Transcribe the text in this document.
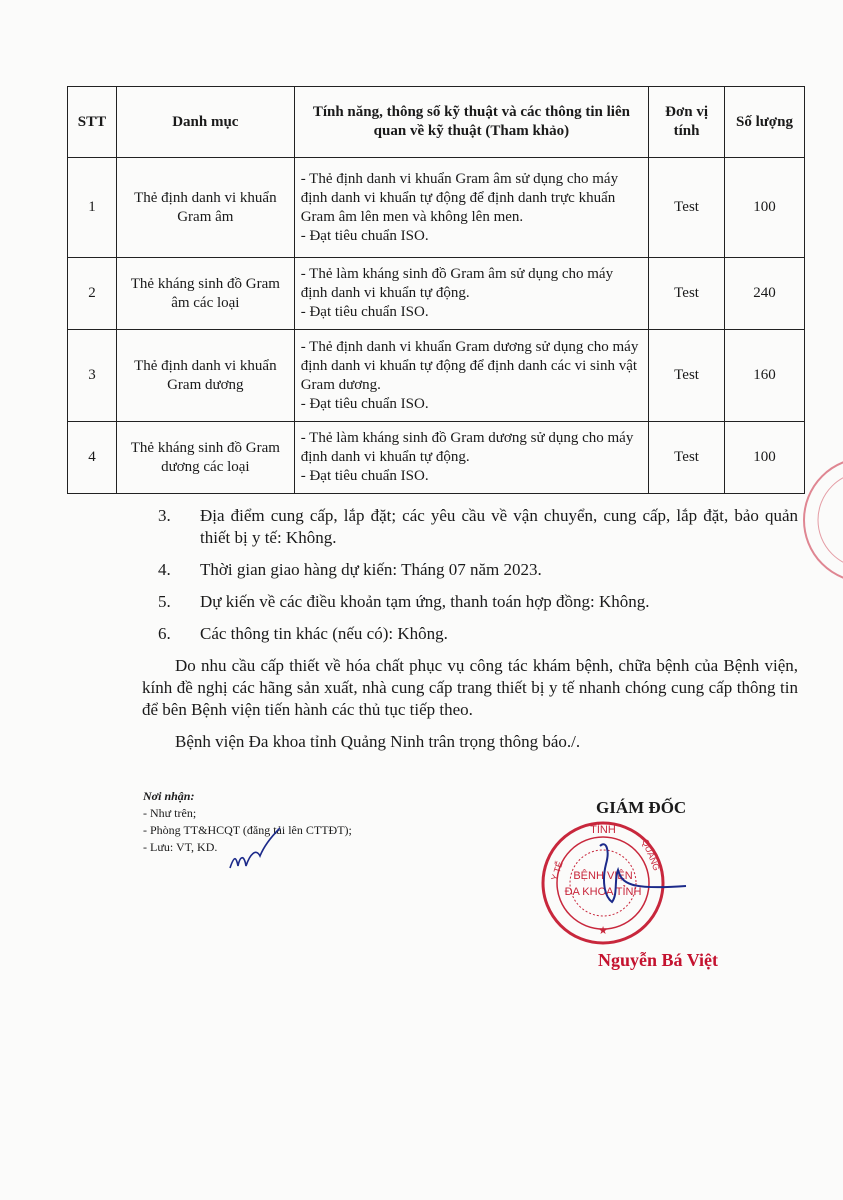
STT	Danh mục	Tính năng, thông số kỹ thuật và các thông tin liên quan về kỹ thuật (Tham khảo)	Đơn vị tính	Số lượng
1	Thẻ định danh vi khuẩn Gram âm	- Thẻ định danh vi khuẩn Gram âm sử dụng cho máy định danh vi khuẩn tự động để định danh trực khuẩn Gram âm lên men và không lên men.
- Đạt tiêu chuẩn ISO.	Test	100
2	Thẻ kháng sinh đồ Gram âm các loại	- Thẻ làm kháng sinh đồ Gram âm sử dụng cho máy định danh vi khuẩn tự động.
- Đạt tiêu chuẩn ISO.	Test	240
3	Thẻ định danh vi khuẩn Gram dương	- Thẻ định danh vi khuẩn Gram dương sử dụng cho máy định danh vi khuẩn tự động để định danh các vi sinh vật Gram dương.
- Đạt tiêu chuẩn ISO.	Test	160
4	Thẻ kháng sinh đồ Gram dương các loại	- Thẻ làm kháng sinh đồ Gram dương sử dụng cho máy định danh vi khuẩn tự động.
- Đạt tiêu chuẩn ISO.	Test	100
3.	Địa điểm cung cấp, lắp đặt; các yêu cầu về vận chuyển, cung cấp, lắp đặt, bảo quản thiết bị y tế: Không.
4.	Thời gian giao hàng dự kiến: Tháng 07 năm 2023.
5.	Dự kiến về các điều khoản tạm ứng, thanh toán hợp đồng: Không.
6.	Các thông tin khác (nếu có): Không.

Do nhu cầu cấp thiết về hóa chất phục vụ công tác khám bệnh, chữa bệnh của Bệnh viện, kính đề nghị các hãng sản xuất, nhà cung cấp trang thiết bị y tế nhanh chóng cung cấp thông tin để bên Bệnh viện tiến hành các thủ tục tiếp theo.

Bệnh viện Đa khoa tỉnh Quảng Ninh trân trọng thông báo./.

Nơi nhận:
- Như trên;
- Phòng TT&HCQT (đăng tải lên CTTĐT);
- Lưu: VT, KD.
GIÁM ĐỐC
★
TỈNH
BỆNH VIỆN
ĐA KHOA TỈNH
Y TẾ	QUẢNG
Nguyễn Bá Việt
